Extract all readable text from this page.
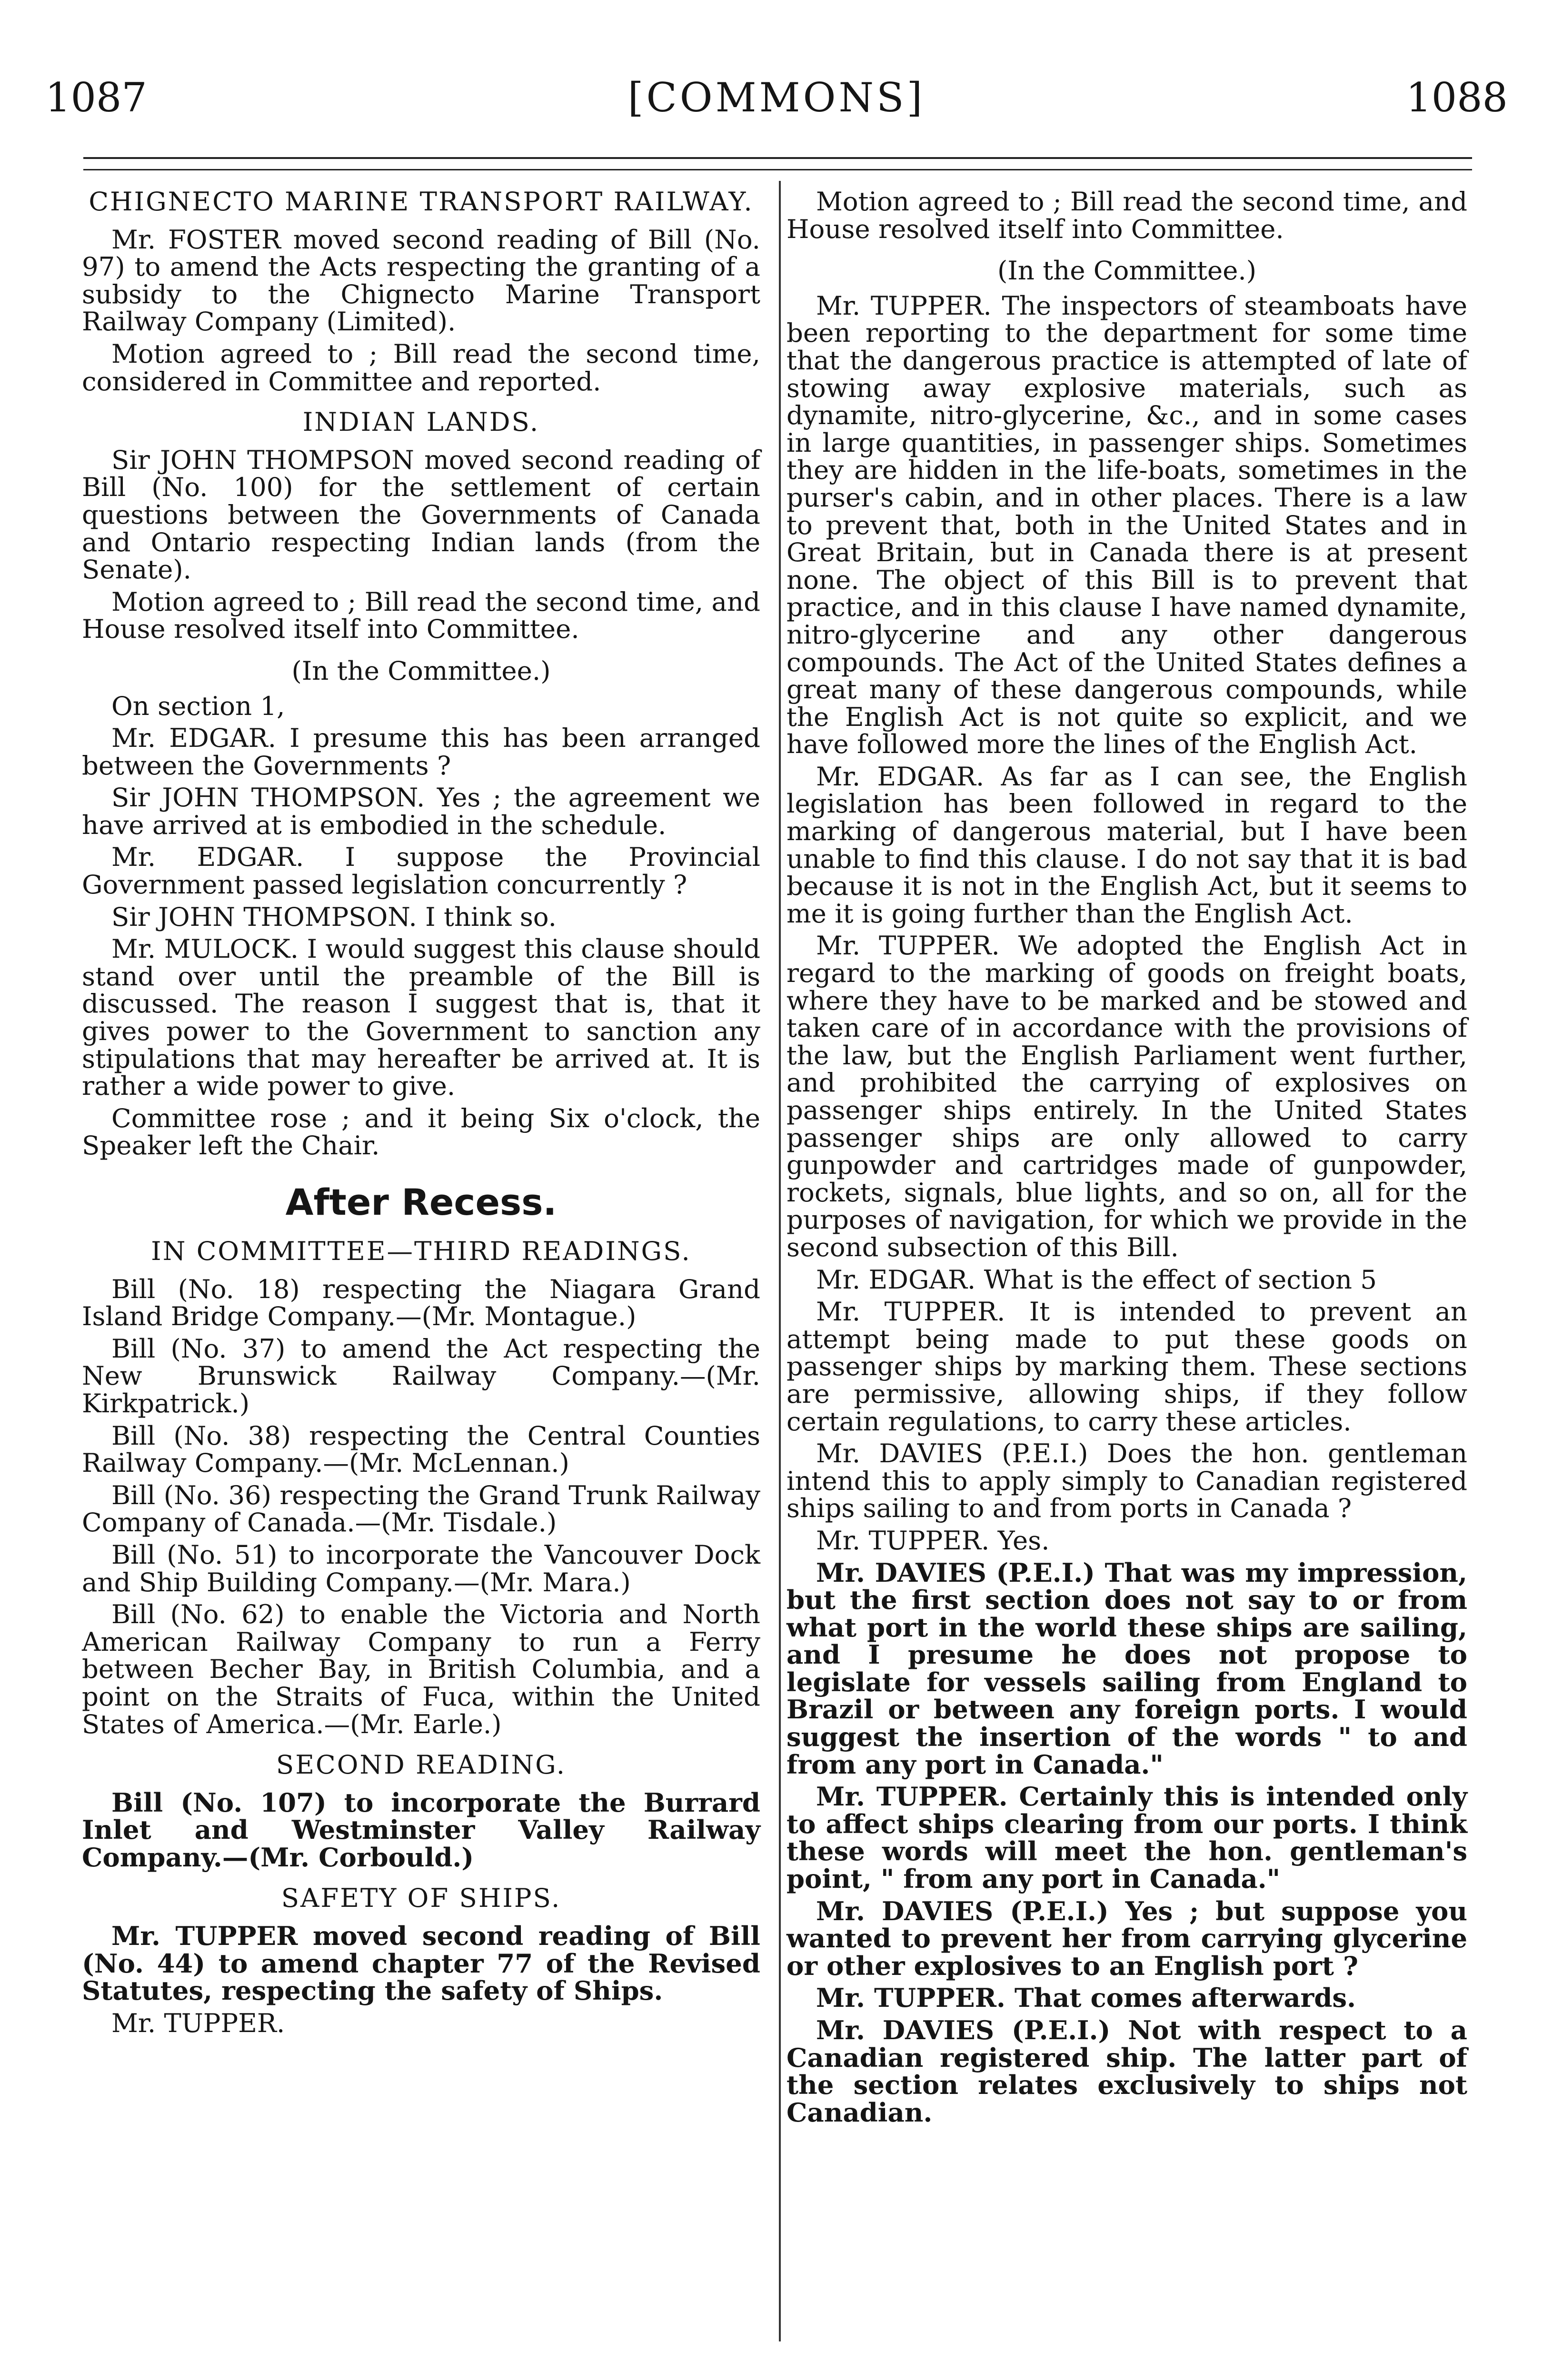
1087	[COMMONS]	1088

CHIGNECTO MARINE TRANSPORT RAILWAY.

Mr. FOSTER moved second reading of Bill (No. 97) to amend the Acts respecting the granting of a subsidy to the Chignecto Marine Transport Railway Company (Limited).

Motion agreed to ; Bill read the second time, considered in Committee and reported.

INDIAN LANDS.

Sir JOHN THOMPSON moved second reading of Bill (No. 100) for the settlement of certain questions between the Governments of Canada and Ontario respecting Indian lands (from the Senate).

Motion agreed to ; Bill read the second time, and House resolved itself into Committee.

(In the Committee.)

On section 1,

Mr. EDGAR. I presume this has been arranged between the Governments ?

Sir JOHN THOMPSON. Yes ; the agreement we have arrived at is embodied in the schedule.

Mr. EDGAR. I suppose the Provincial Government passed legislation concurrently ?

Sir JOHN THOMPSON. I think so.

Mr. MULOCK. I would suggest this clause should stand over until the preamble of the Bill is discussed. The reason I suggest that is, that it gives power to the Government to sanction any stipulations that may hereafter be arrived at. It is rather a wide power to give.

Committee rose ; and it being Six o'clock, the Speaker left the Chair.

After Recess.

IN COMMITTEE—THIRD READINGS.

Bill (No. 18) respecting the Niagara Grand Island Bridge Company.—(Mr. Montague.)

Bill (No. 37) to amend the Act respecting the New Brunswick Railway Company.—(Mr. Kirkpatrick.)

Bill (No. 38) respecting the Central Counties Railway Company.—(Mr. McLennan.)

Bill (No. 36) respecting the Grand Trunk Railway Company of Canada.—(Mr. Tisdale.)

Bill (No. 51) to incorporate the Vancouver Dock and Ship Building Company.—(Mr. Mara.)

Bill (No. 62) to enable the Victoria and North American Railway Company to run a Ferry between Becher Bay, in British Columbia, and a point on the Straits of Fuca, within the United States of America.—(Mr. Earle.)

SECOND READING.

Bill (No. 107) to incorporate the Burrard Inlet and Westminster Valley Railway Company.—(Mr. Corbould.)

SAFETY OF SHIPS.

Mr. TUPPER moved second reading of Bill (No. 44) to amend chapter 77 of the Revised Statutes, respecting the safety of Ships.

Mr. TUPPER.

Motion agreed to ; Bill read the second time, and House resolved itself into Committee.

(In the Committee.)

Mr. TUPPER. The inspectors of steamboats have been reporting to the department for some time that the dangerous practice is attempted of late of stowing away explosive materials, such as dynamite, nitro-glycerine, &c., and in some cases in large quantities, in passenger ships. Sometimes they are hidden in the life-boats, sometimes in the purser's cabin, and in other places. There is a law to prevent that, both in the United States and in Great Britain, but in Canada there is at present none. The object of this Bill is to prevent that practice, and in this clause I have named dynamite, nitro-glycerine and any other dangerous compounds. The Act of the United States defines a great many of these dangerous compounds, while the English Act is not quite so explicit, and we have followed more the lines of the English Act.

Mr. EDGAR. As far as I can see, the English legislation has been followed in regard to the marking of dangerous material, but I have been unable to find this clause. I do not say that it is bad because it is not in the English Act, but it seems to me it is going further than the English Act.

Mr. TUPPER. We adopted the English Act in regard to the marking of goods on freight boats, where they have to be marked and be stowed and taken care of in accordance with the provisions of the law, but the English Parliament went further, and prohibited the carrying of explosives on passenger ships entirely. In the United States passenger ships are only allowed to carry gunpowder and cartridges made of gunpowder, rockets, signals, blue lights, and so on, all for the purposes of navigation, for which we provide in the second subsection of this Bill.

Mr. EDGAR. What is the effect of section 5

Mr. TUPPER. It is intended to prevent an attempt being made to put these goods on passenger ships by marking them. These sections are permissive, allowing ships, if they follow certain regulations, to carry these articles.

Mr. DAVIES (P.E.I.) Does the hon. gentleman intend this to apply simply to Canadian registered ships sailing to and from ports in Canada ?

Mr. TUPPER. Yes.

Mr. DAVIES (P.E.I.) That was my impression, but the first section does not say to or from what port in the world these ships are sailing, and I presume he does not propose to legislate for vessels sailing from England to Brazil or between any foreign ports. I would suggest the insertion of the words " to and from any port in Canada."

Mr. TUPPER. Certainly this is intended only to affect ships clearing from our ports. I think these words will meet the hon. gentleman's point, " from any port in Canada."

Mr. DAVIES (P.E.I.) Yes ; but suppose you wanted to prevent her from carrying glycerine or other explosives to an English port ?

Mr. TUPPER. That comes afterwards.

Mr. DAVIES (P.E.I.) Not with respect to a Canadian registered ship. The latter part of the section relates exclusively to ships not Canadian.
